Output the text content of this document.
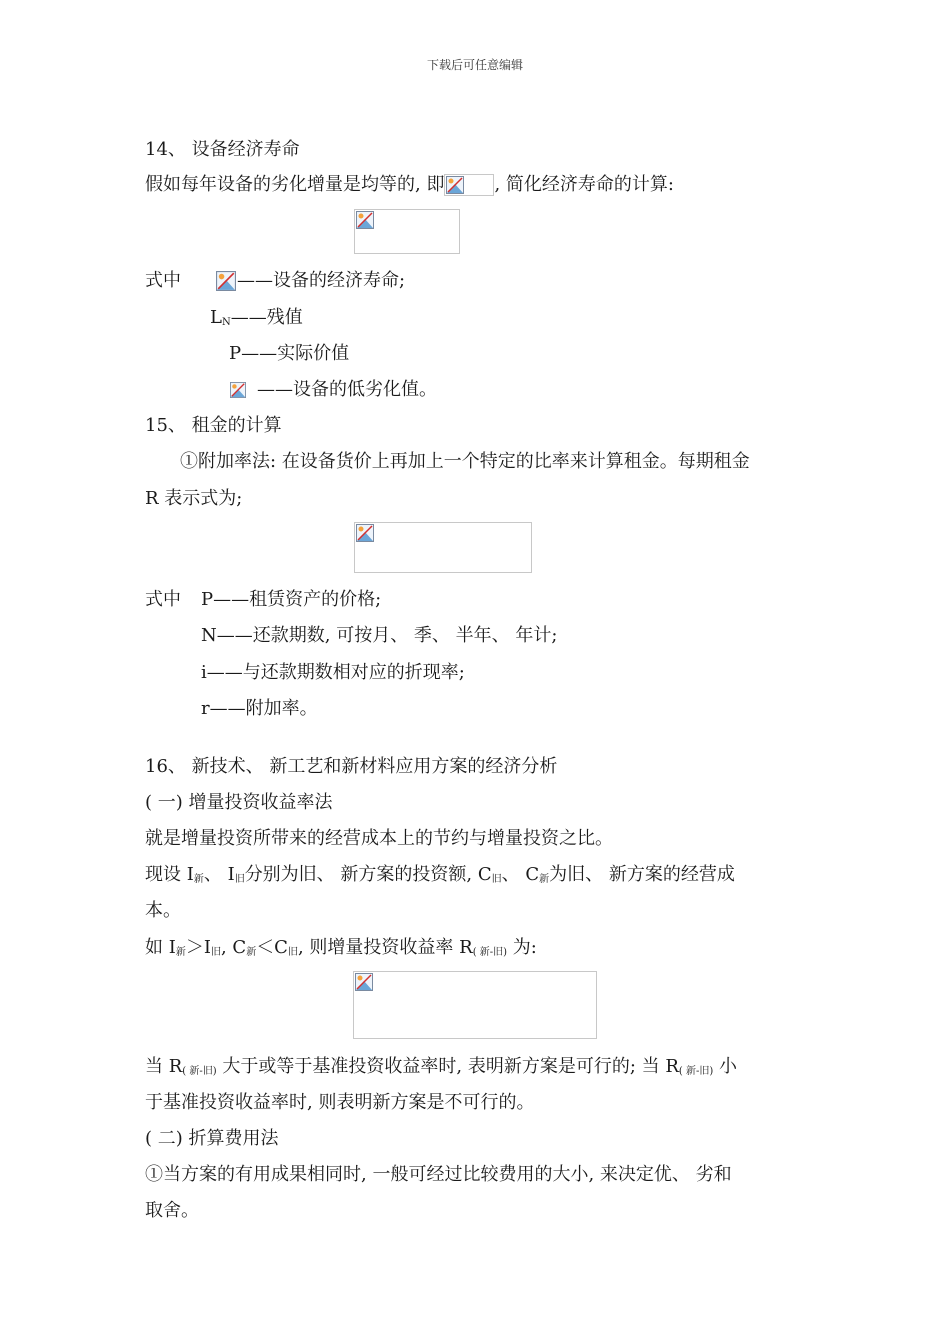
下载后可任意编辑
14、 设备经济寿命
假如每年设备的劣化增量是均等的, 即	, 简化经济寿命的计算:
式中	——设备的经济寿命;
$L_N——$残值
P——实际价值
——设备的低劣化值。
15、 租金的计算
①附加率法: 在设备货价上再加上一个特定的比率来计算租金。每期租金
R 表示式为;
式中 P——租赁资产的价格;
N——还款期数, 可按月、 季、 半年、 年计;
i——与还款期数相对应的折现率;
r——附加率。
16、 新技术、 新工艺和新材料应用方案的经济分析
( 一) 增量投资收益率法
就是增量投资所带来的经营成本上的节约与增量投资之比。
现设 $I_新$、 $I_旧$分别为旧、 新方案的投资额, $C_旧$、 $C_新$为旧、 新方案的经营成
本。
如 $I_新>I_旧$, $C_新<C_旧$, 则增量投资收益率 $R_{( 新-旧)}$ 为:
当 $R_{( 新-旧)}$ 大于或等于基准投资收益率时, 表明新方案是可行的; 当 $R_{( 新-旧)}$ 小
于基准投资收益率时, 则表明新方案是不可行的。
( 二) 折算费用法
①当方案的有用成果相同时, 一般可经过比较费用的大小, 来决定优、 劣和
取舍。
